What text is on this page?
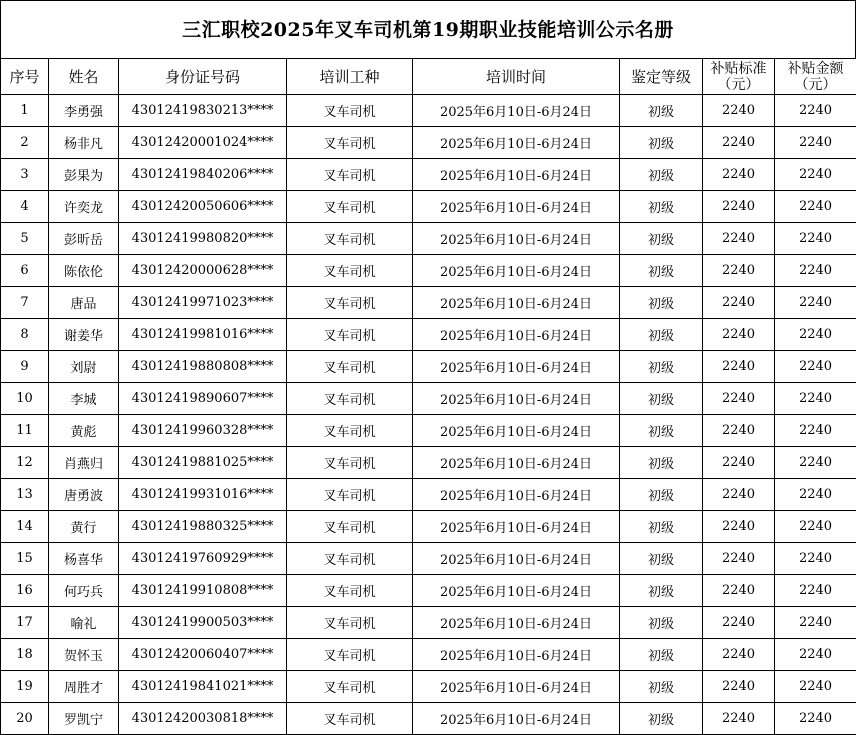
三汇职校2025年叉车司机第19期职业技能培训公示名册
序号	姓名	身份证号码	培训工种	培训时间	鉴定等级	补贴标准（元）	补贴金额（元）
1	李勇强	43012419830213****	叉车司机	2025年6月10日-6月24日	初级	2240	2240
2	杨非凡	43012420001024****	叉车司机	2025年6月10日-6月24日	初级	2240	2240
3	彭果为	43012419840206****	叉车司机	2025年6月10日-6月24日	初级	2240	2240
4	许奕龙	43012420050606****	叉车司机	2025年6月10日-6月24日	初级	2240	2240
5	彭昕岳	43012419980820****	叉车司机	2025年6月10日-6月24日	初级	2240	2240
6	陈依伦	43012420000628****	叉车司机	2025年6月10日-6月24日	初级	2240	2240
7	唐品	43012419971023****	叉车司机	2025年6月10日-6月24日	初级	2240	2240
8	谢姜华	43012419981016****	叉车司机	2025年6月10日-6月24日	初级	2240	2240
9	刘尉	43012419880808****	叉车司机	2025年6月10日-6月24日	初级	2240	2240
10	李城	43012419890607****	叉车司机	2025年6月10日-6月24日	初级	2240	2240
11	黄彪	43012419960328****	叉车司机	2025年6月10日-6月24日	初级	2240	2240
12	肖燕归	43012419881025****	叉车司机	2025年6月10日-6月24日	初级	2240	2240
13	唐勇波	43012419931016****	叉车司机	2025年6月10日-6月24日	初级	2240	2240
14	黄行	43012419880325****	叉车司机	2025年6月10日-6月24日	初级	2240	2240
15	杨喜华	43012419760929****	叉车司机	2025年6月10日-6月24日	初级	2240	2240
16	何巧兵	43012419910808****	叉车司机	2025年6月10日-6月24日	初级	2240	2240
17	喻礼	43012419900503****	叉车司机	2025年6月10日-6月24日	初级	2240	2240
18	贺怀玉	43012420060407****	叉车司机	2025年6月10日-6月24日	初级	2240	2240
19	周胜才	43012419841021****	叉车司机	2025年6月10日-6月24日	初级	2240	2240
20	罗凯宁	43012420030818****	叉车司机	2025年6月10日-6月24日	初级	2240	2240
